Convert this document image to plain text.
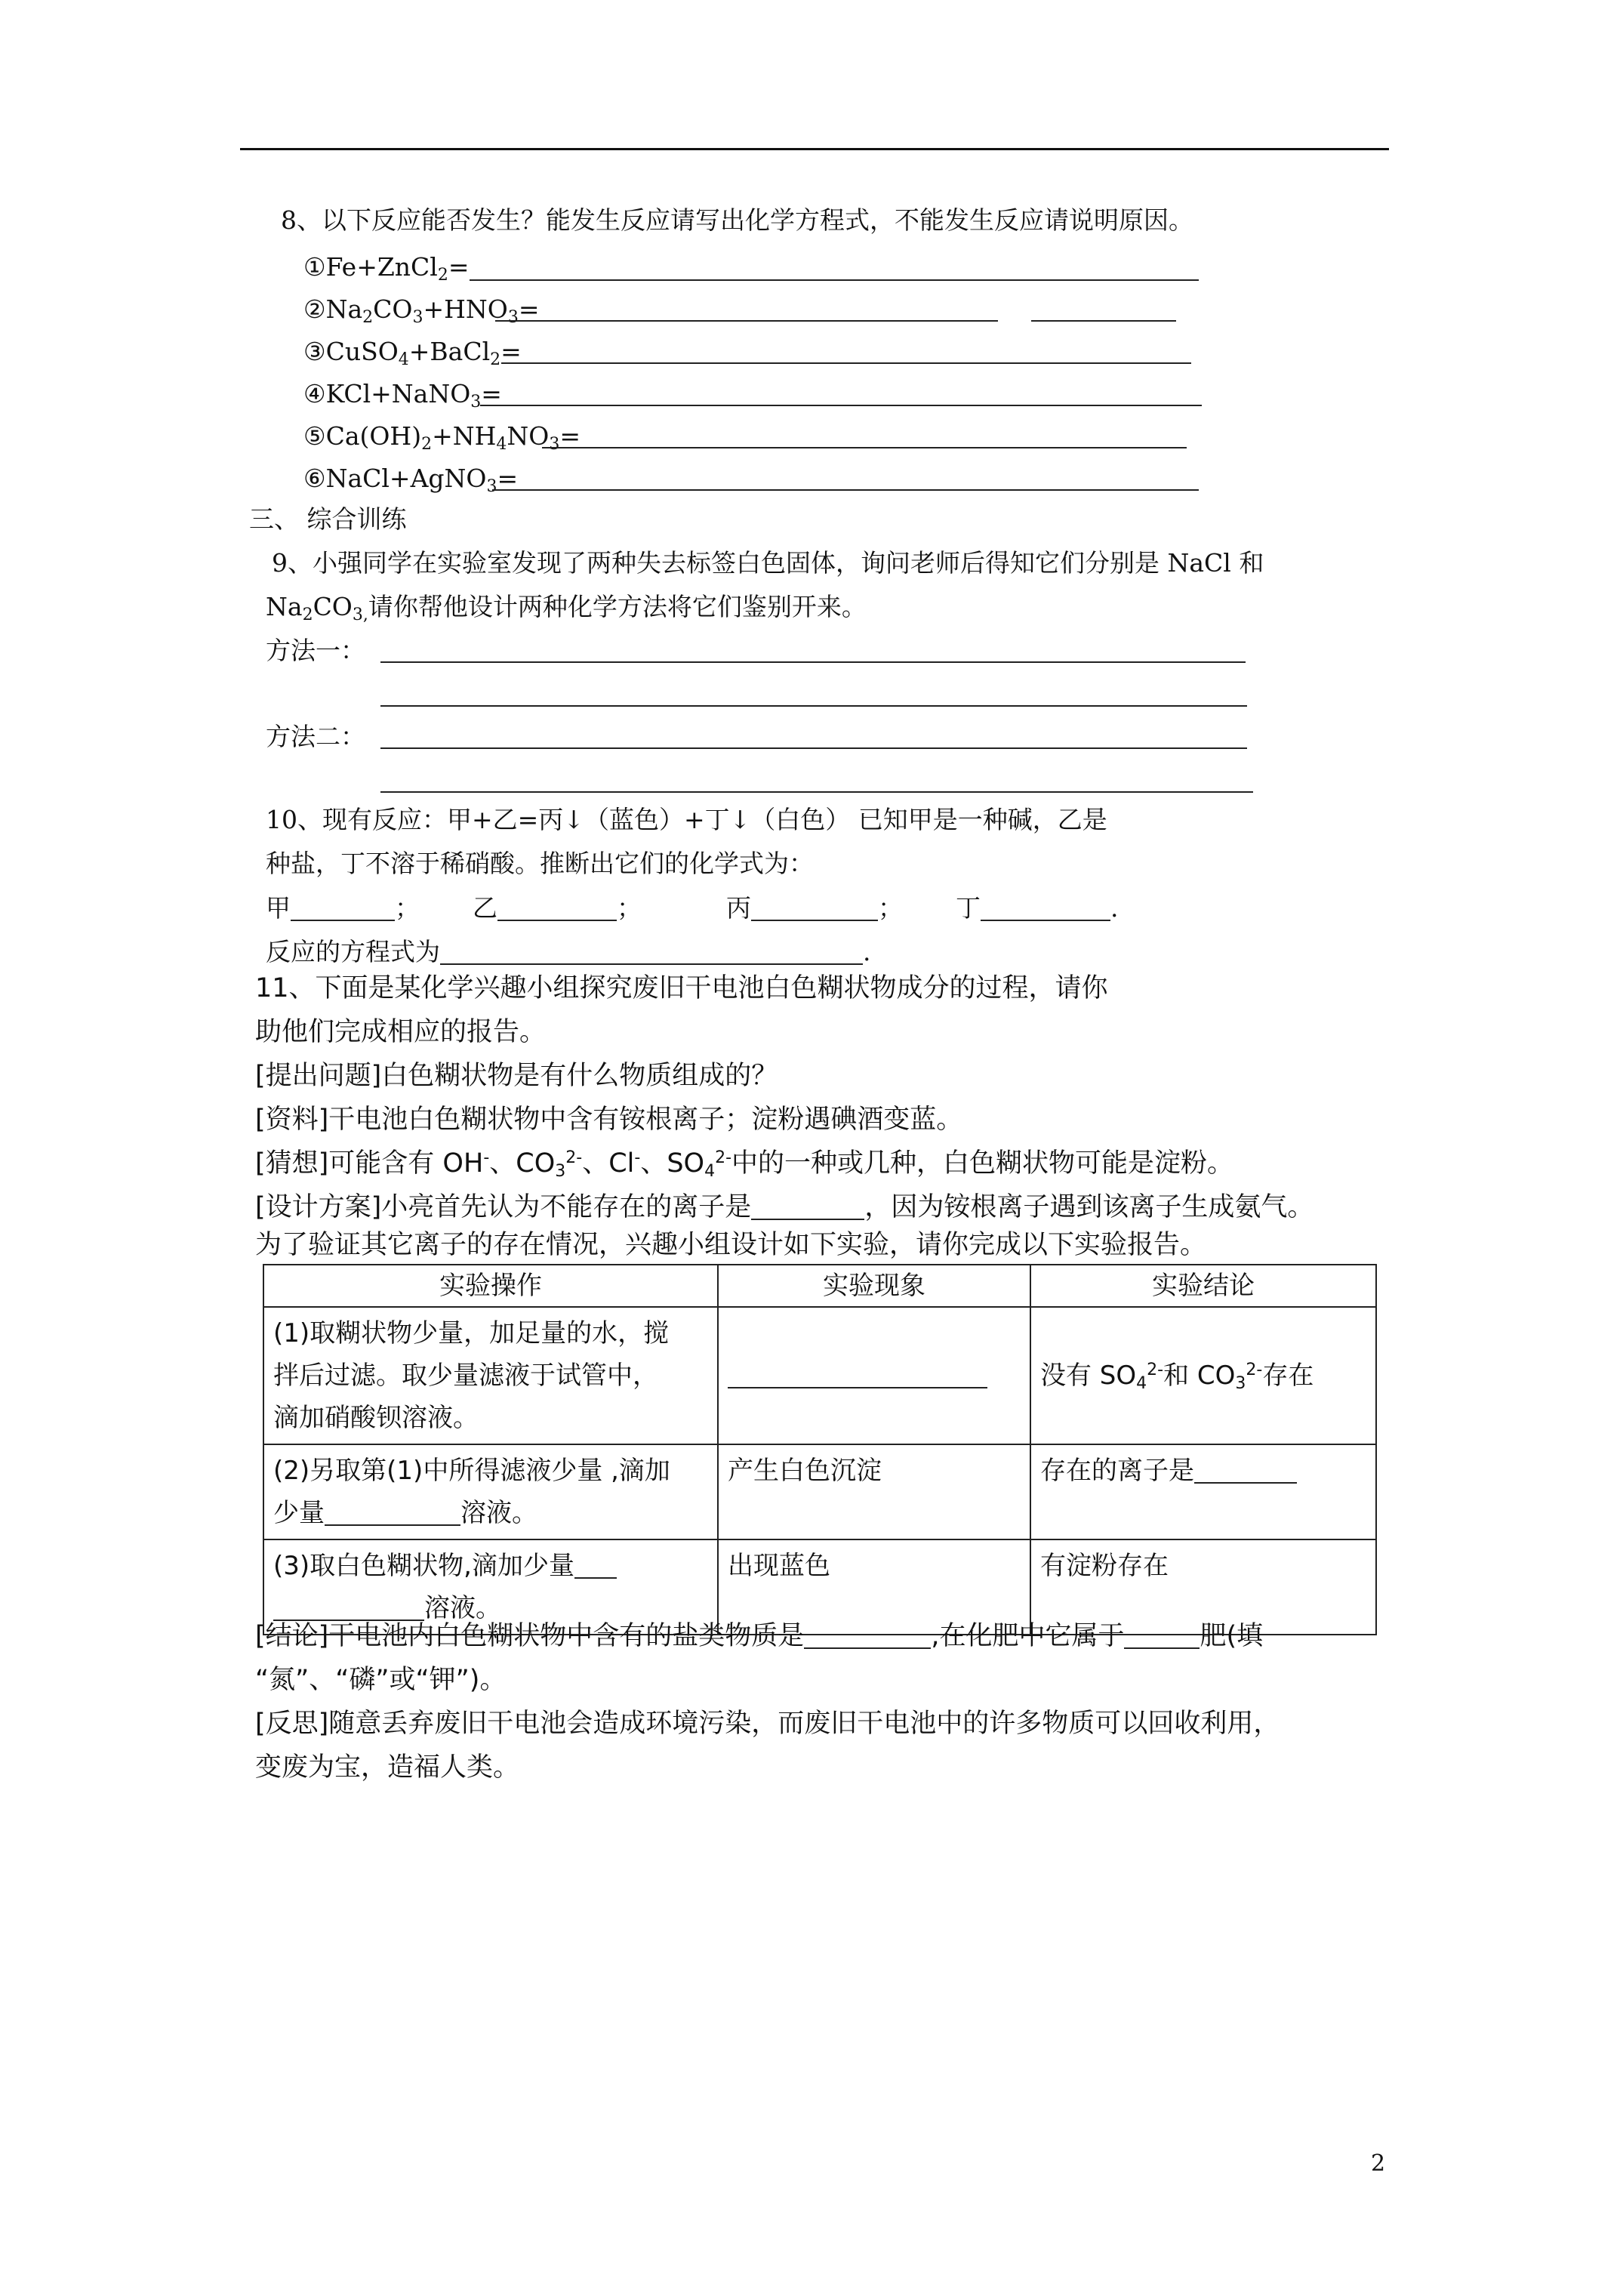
8、以下反应能否发生？能发生反应请写出化学方程式，不能发生反应请说明原因。
①Fe+ZnCl$_2$=
$②Na_2CO_3+HNO_3=$
③CuSO$_4$+BaCl$_2$=
④KCl+NaNO$_3$=
$⑤Ca(OH)_2+NH_4NO_3=$
⑥NaCl+AgNO$_3$=
三、 综合训练
9、小强同学在实验室发现了两种失去标签白色固体，询问老师后得知它们分别是 NaCl 和
$Na_2CO_{3,}$请你帮他设计两种化学方法将它们鉴别开来。
方法一：
方法二：
10、现有反应：甲+乙=丙↓（蓝色）+丁↓（白色） 已知甲是一种碱，乙是
种盐，丁不溶于稀硝酸。推断出它们的化学式为：
甲	； 乙	；	丙	； 丁	.
反应的方程式为	.
11、下面是某化学兴趣小组探究废旧干电池白色糊状物成分的过程，请你
助他们完成相应的报告。
[提出问题]白色糊状物是有什么物质组成的？
[资料]干电池白色糊状物中含有铵根离子；淀粉遇碘酒变蓝。
[猜想]可能含有 OH-、$CO_3^{2-}$、Cl-、$SO_4^{2-}$中的一种或几种，白色糊状物可能是淀粉。
[设计方案]小亮首先认为不能存在的离子是	，因为铵根离子遇到该离子生成氨气。
为了验证其它离子的存在情况，兴趣小组设计如下实验，请你完成以下实验报告。
实验操作	实验现象	实验结论

(1)取糊状物少量，加足量的水，搅
拌后过滤。取少量滤液于试管中，
滴加硝酸钡溶液。		没有 $SO_4^{2-}$和 $CO_3^{2-}$存在

(2)另取第(1)中所得滤液少量 ,滴加
少量 溶液。	产生白色沉淀	存在的离子是

(3)取白色糊状物,滴加少量
溶液。	出现蓝色	有淀粉存在
[结论]干电池内白色糊状物中含有的盐类物质是	,在化肥中它属于	肥(填
“氮”、“磷”或“钾”)。
[反思]随意丢弃废旧干电池会造成环境污染，而废旧干电池中的许多物质可以回收利用，
变废为宝，造福人类。
2
